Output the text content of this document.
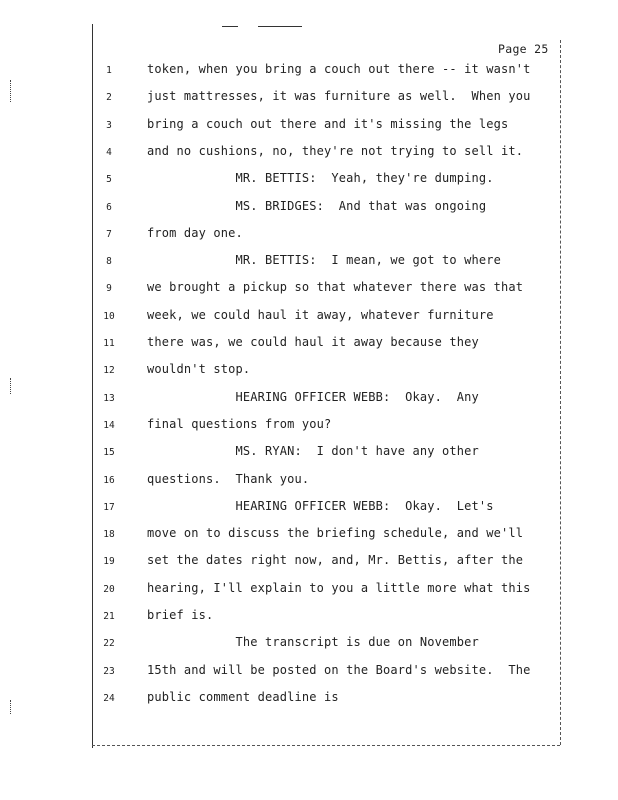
Page 25
1	token, when you bring a couch out there -- it wasn't
2	just mattresses, it was furniture as well.  When you
3	bring a couch out there and it's missing the legs
4	and no cushions, no, they're not trying to sell it.
5	MR. BETTIS:  Yeah, they're dumping.
6	MS. BRIDGES:  And that was ongoing
7	from day one.
8	MR. BETTIS:  I mean, we got to where
9	we brought a pickup so that whatever there was that
10	week, we could haul it away, whatever furniture
11	there was, we could haul it away because they
12	wouldn't stop.
13	HEARING OFFICER WEBB:  Okay.  Any
14	final questions from you?
15	MS. RYAN:  I don't have any other
16	questions.  Thank you.
17	HEARING OFFICER WEBB:  Okay.  Let's
18	move on to discuss the briefing schedule, and we'll
19	set the dates right now, and, Mr. Bettis, after the
20	hearing, I'll explain to you a little more what this
21	brief is.
22	The transcript is due on November
23	15th and will be posted on the Board's website.  The
24	public comment deadline is
